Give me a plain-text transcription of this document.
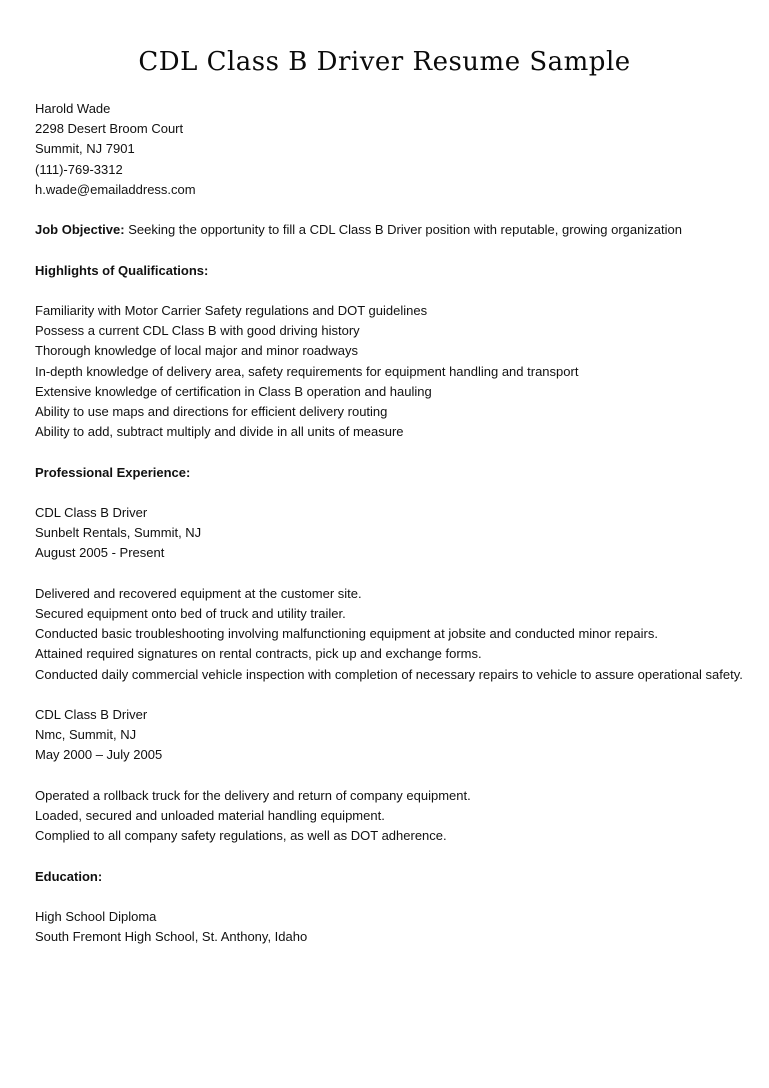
CDL Class B Driver Resume Sample
Harold Wade
2298 Desert Broom Court
Summit, NJ 7901
(111)-769-3312
h.wade@emailaddress.com
Job Objective: Seeking the opportunity to fill a CDL Class B Driver position with reputable, growing organization
Highlights of Qualifications:
Familiarity with Motor Carrier Safety regulations and DOT guidelines
Possess a current CDL Class B with good driving history
Thorough knowledge of local major and minor roadways
In-depth knowledge of delivery area, safety requirements for equipment handling and transport
Extensive knowledge of certification in Class B operation and hauling
Ability to use maps and directions for efficient delivery routing
Ability to add, subtract multiply and divide in all units of measure
Professional Experience:
CDL Class B Driver
Sunbelt Rentals, Summit, NJ
August 2005 - Present
Delivered and recovered equipment at the customer site.
Secured equipment onto bed of truck and utility trailer.
Conducted basic troubleshooting involving malfunctioning equipment at jobsite and conducted minor repairs.
Attained required signatures on rental contracts, pick up and exchange forms.
Conducted daily commercial vehicle inspection with completion of necessary repairs to vehicle to assure operational safety.
CDL Class B Driver
Nmc, Summit, NJ
May 2000 – July 2005
Operated a rollback truck for the delivery and return of company equipment.
Loaded, secured and unloaded material handling equipment.
Complied to all company safety regulations, as well as DOT adherence.
Education:
High School Diploma
South Fremont High School, St. Anthony, Idaho
